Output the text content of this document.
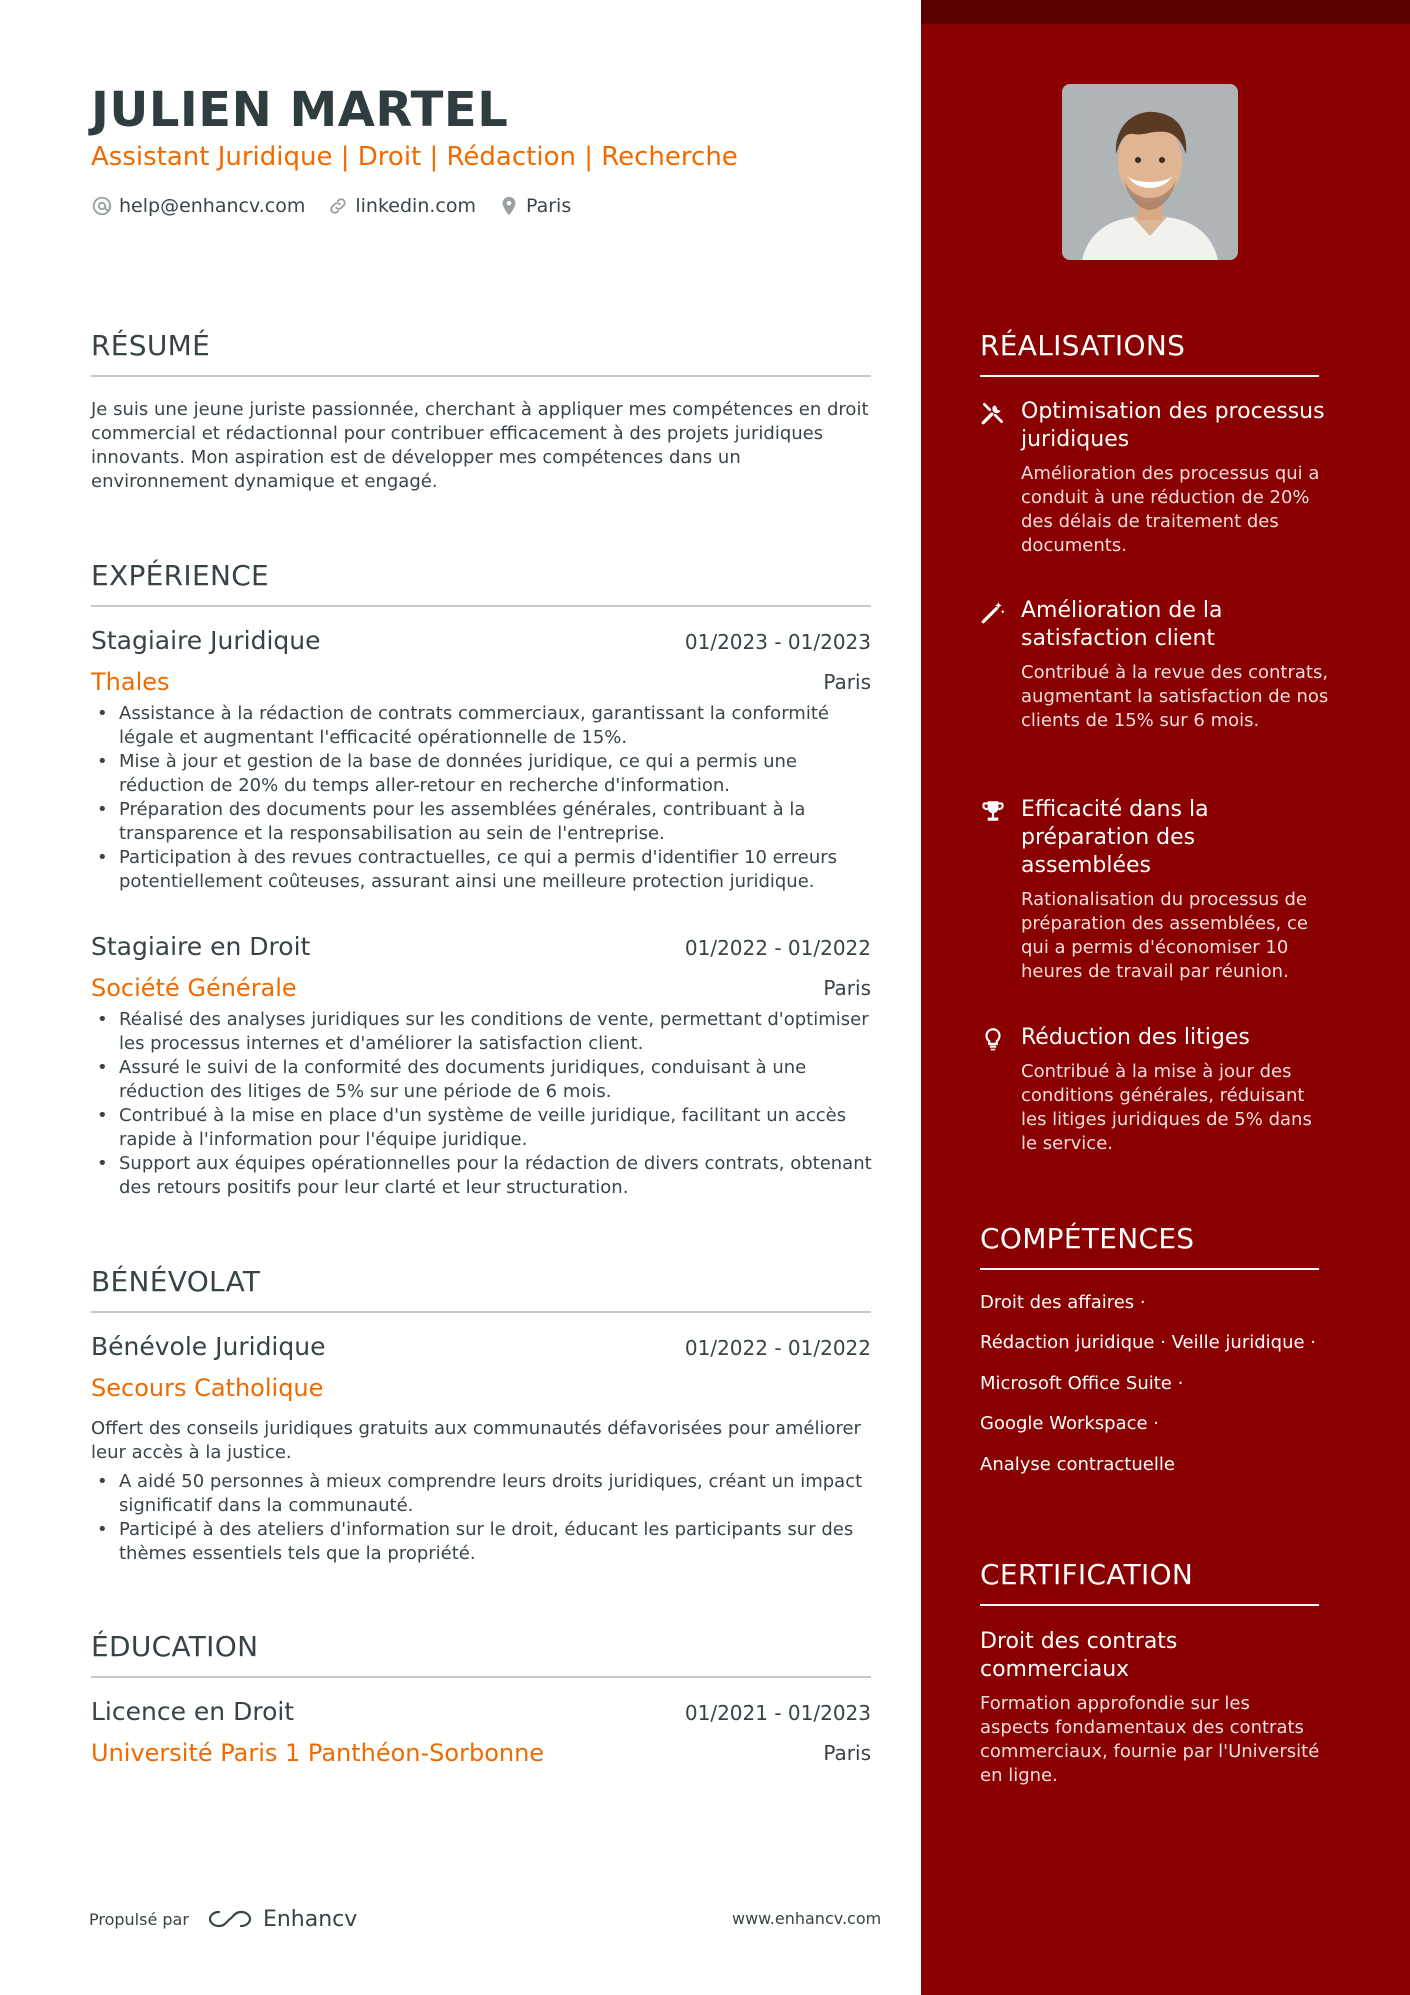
JULIEN MARTEL
Assistant Juridique | Droit | Rédaction | Recherche
help@enhancv.com	linkedin.com	Paris
RÉSUMÉ
Je suis une jeune juriste passionnée, cherchant à appliquer mes compétences en droit commercial et rédactionnal pour contribuer efficacement à des projets juridiques innovants. Mon aspiration est de développer mes compétences dans un environnement dynamique et engagé.
EXPÉRIENCE
Stagiaire Juridique	01/2023 - 01/2023
Thales	Paris
• Assistance à la rédaction de contrats commerciaux, garantissant la conformité légale et augmentant l'efficacité opérationnelle de 15%.
• Mise à jour et gestion de la base de données juridique, ce qui a permis une réduction de 20% du temps aller-retour en recherche d'information.
• Préparation des documents pour les assemblées générales, contribuant à la transparence et la responsabilisation au sein de l'entreprise.
• Participation à des revues contractuelles, ce qui a permis d'identifier 10 erreurs potentiellement coûteuses, assurant ainsi une meilleure protection juridique.
Stagiaire en Droit	01/2022 - 01/2022
Société Générale	Paris
• Réalisé des analyses juridiques sur les conditions de vente, permettant d'optimiser les processus internes et d'améliorer la satisfaction client.
• Assuré le suivi de la conformité des documents juridiques, conduisant à une réduction des litiges de 5% sur une période de 6 mois.
• Contribué à la mise en place d'un système de veille juridique, facilitant un accès rapide à l'information pour l'équipe juridique.
• Support aux équipes opérationnelles pour la rédaction de divers contrats, obtenant des retours positifs pour leur clarté et leur structuration.
BÉNÉVOLAT
Bénévole Juridique	01/2022 - 01/2022
Secours Catholique
Offert des conseils juridiques gratuits aux communautés défavorisées pour améliorer leur accès à la justice.
• A aidé 50 personnes à mieux comprendre leurs droits juridiques, créant un impact significatif dans la communauté.
• Participé à des ateliers d'information sur le droit, éducant les participants sur des thèmes essentiels tels que la propriété.
ÉDUCATION
Licence en Droit	01/2021 - 01/2023
Université Paris 1 Panthéon-Sorbonne	Paris
Propulsé par	Enhancv	www.enhancv.com
RÉALISATIONS
Optimisation des processus juridiques
Amélioration des processus qui a conduit à une réduction de 20% des délais de traitement des documents.
Amélioration de la satisfaction client
Contribué à la revue des contrats, augmentant la satisfaction de nos clients de 15% sur 6 mois.
Efficacité dans la préparation des assemblées
Rationalisation du processus de préparation des assemblées, ce qui a permis d'économiser 10 heures de travail par réunion.
Réduction des litiges
Contribué à la mise à jour des conditions générales, réduisant les litiges juridiques de 5% dans le service.
COMPÉTENCES
Droit des affaires ·
Rédaction juridique · Veille juridique ·
Microsoft Office Suite ·
Google Workspace ·
Analyse contractuelle
CERTIFICATION
Droit des contrats commerciaux
Formation approfondie sur les aspects fondamentaux des contrats commerciaux, fournie par l'Université en ligne.
